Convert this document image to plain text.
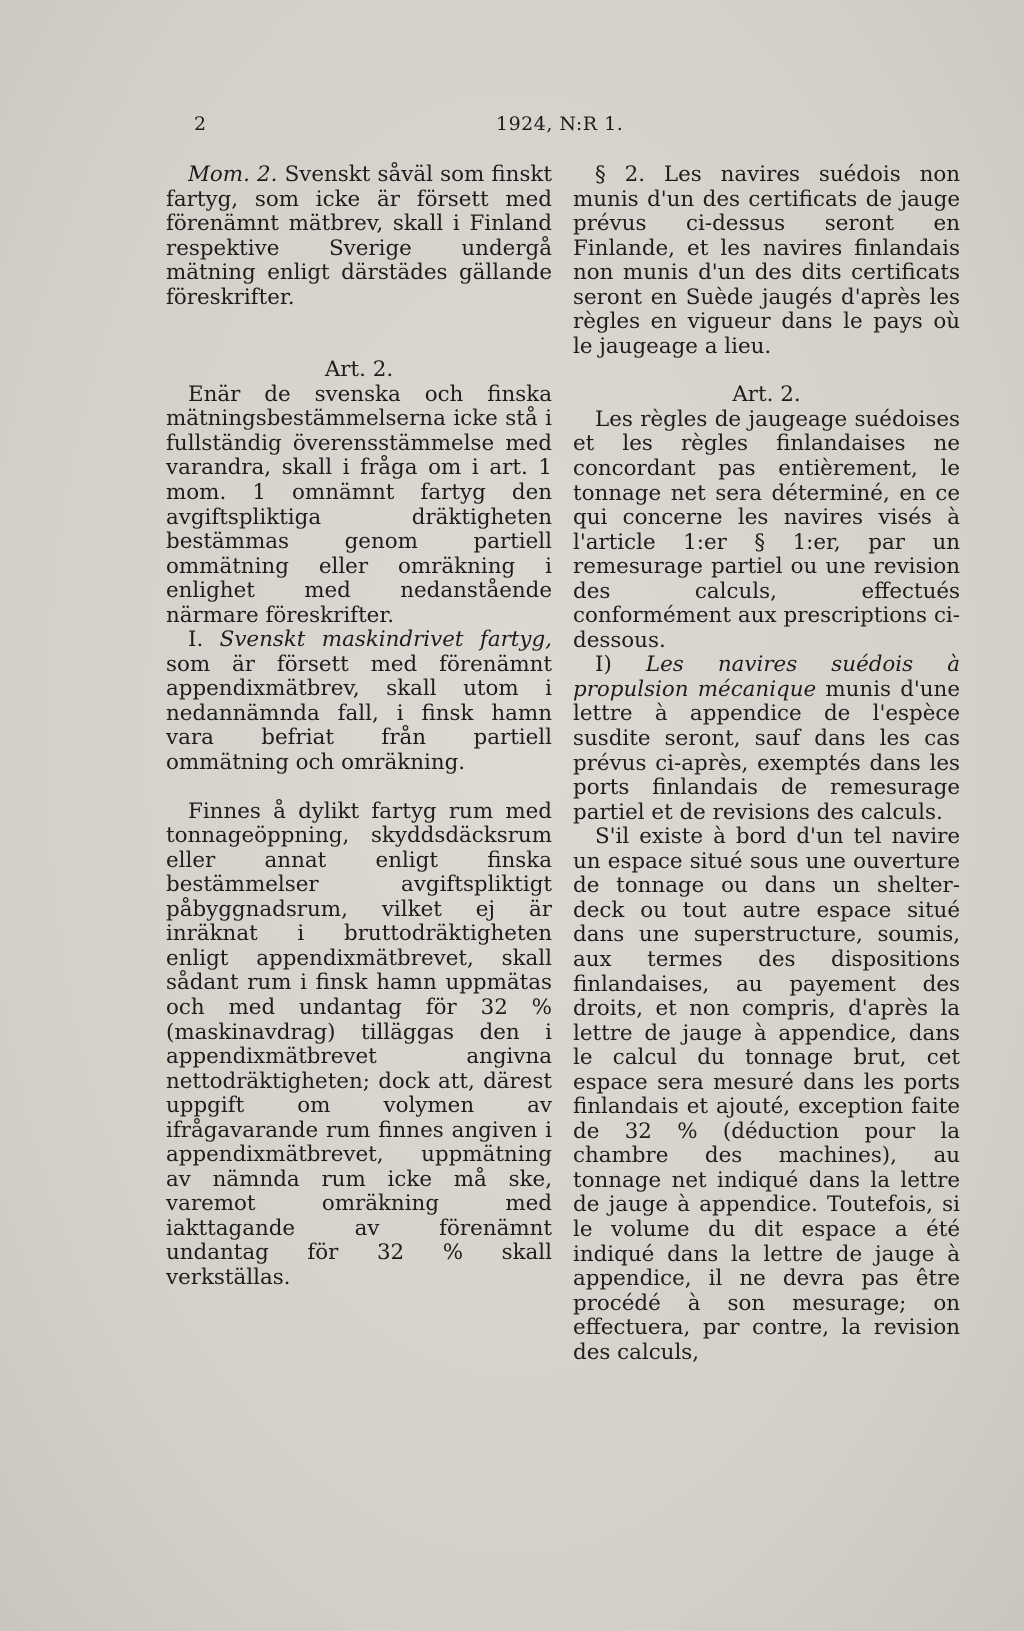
2	1924, N:R 1.

Mom. 2. Svenskt såväl som finskt fartyg, som icke är försett med förenämnt mätbrev, skall i Finland respektive Sverige undergå mätning enligt därstädes gällande föreskrifter.

Art. 2.

Enär de svenska och finska mätningsbestämmelserna icke stå i fullständig överensstämmelse med varandra, skall i fråga om i art. 1 mom. 1 omnämnt fartyg den avgiftspliktiga dräktigheten bestämmas genom partiell ommätning eller omräkning i enlighet med nedanstående närmare föreskrifter.

I. Svenskt maskindrivet fartyg, som är försett med förenämnt appendixmätbrev, skall utom i nedannämnda fall, i finsk hamn vara befriat från partiell ommätning och omräkning.

Finnes å dylikt fartyg rum med tonnageöppning, skyddsdäcksrum eller annat enligt finska bestämmelser avgiftspliktigt påbyggnadsrum, vilket ej är inräknat i bruttodräktigheten enligt appendixmätbrevet, skall sådant rum i finsk hamn uppmätas och med undantag för 32 % (maskinavdrag) tilläggas den i appendixmätbrevet angivna nettodräktigheten; dock att, därest uppgift om volymen av ifrågavarande rum finnes angiven i appendixmätbrevet, uppmätning av nämnda rum icke må ske, varemot omräkning med iakttagande av förenämnt undantag för 32 % skall verkställas.

§ 2. Les navires suédois non munis d'un des certificats de jauge prévus ci-dessus seront en Finlande, et les navires finlandais non munis d'un des dits certificats seront en Suède jaugés d'après les règles en vigueur dans le pays où le jaugeage a lieu.

Art. 2.

Les règles de jaugeage suédoises et les règles finlandaises ne concordant pas entièrement, le tonnage net sera déterminé, en ce qui concerne les navires visés à l'article 1:er § 1:er, par un remesurage partiel ou une revision des calculs, effectués conformément aux prescriptions ci-dessous.

I) Les navires suédois à propulsion mécanique munis d'une lettre à appendice de l'espèce susdite seront, sauf dans les cas prévus ci-après, exemptés dans les ports finlandais de remesurage partiel et de revisions des calculs.

S'il existe à bord d'un tel navire un espace situé sous une ouverture de tonnage ou dans un shelter-deck ou tout autre espace situé dans une superstructure, soumis, aux termes des dispositions finlandaises, au payement des droits, et non compris, d'après la lettre de jauge à appendice, dans le calcul du tonnage brut, cet espace sera mesuré dans les ports finlandais et ajouté, exception faite de 32 % (déduction pour la chambre des machines), au tonnage net indiqué dans la lettre de jauge à appendice. Toutefois, si le volume du dit espace a été indiqué dans la lettre de jauge à appendice, il ne devra pas être procédé à son mesurage; on effectuera, par contre, la revision des calculs,
